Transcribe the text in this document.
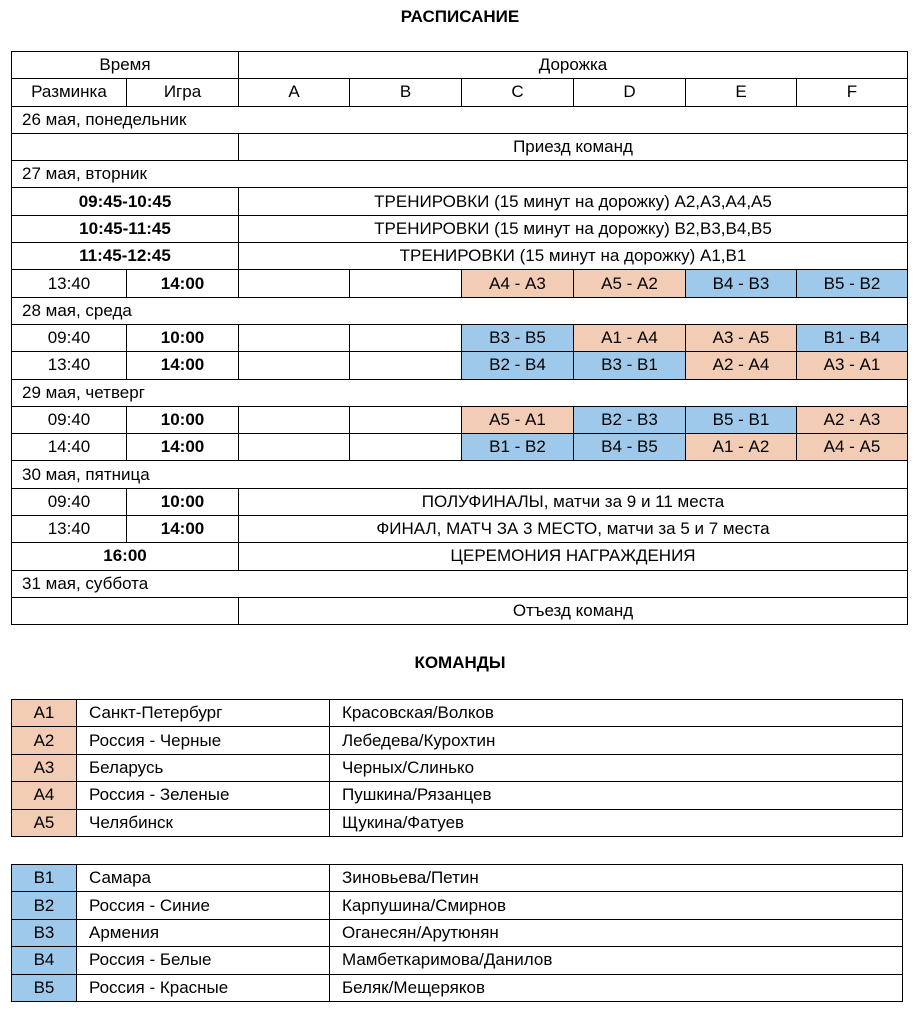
РАСПИСАНИЕ
Время		Дорожка					
Разминка	Игра	A	B	C	D	E	F
26 мая, понедельник							
		Приезд команд					
27 мая, вторник							
09:45-10:45		ТРЕНИРОВКИ (15 минут на дорожку) А2,А3,А4,А5					
10:45-11:45		ТРЕНИРОВКИ (15 минут на дорожку) В2,В3,В4,В5					
11:45-12:45		ТРЕНИРОВКИ (15 минут на дорожку) А1,В1					
13:40	14:00			А4 - А3	А5 - А2	В4 - В3	В5 - В2
28 мая, среда							
09:40	10:00			В3 - В5	А1 - А4	А3 - А5	В1 - В4
13:40	14:00			В2 - В4	В3 - В1	А2 - А4	А3 - А1
29 мая, четверг							
09:40	10:00			А5 - А1	В2 - В3	В5 - В1	А2 - А3
14:40	14:00			В1 - В2	В4 - В5	А1 - А2	А4 - А5
30 мая, пятница							
09:40	10:00	ПОЛУФИНАЛЫ, матчи за 9 и 11 места					
13:40	14:00	ФИНАЛ, МАТЧ ЗА 3 МЕСТО, матчи за 5 и 7 места					
16:00		ЦЕРЕМОНИЯ НАГРАЖДЕНИЯ					
31 мая, суббота							
		Отъезд команд					
КОМАНДЫ
А1	Санкт-Петербург	Красовская/Волков
А2	Россия - Черные	Лебедева/Курохтин
А3	Беларусь	Черных/Слинько
А4	Россия - Зеленые	Пушкина/Рязанцев
А5	Челябинск	Щукина/Фатуев
В1	Самара	Зиновьева/Петин
В2	Россия - Синие	Карпушина/Смирнов
В3	Армения	Оганесян/Арутюнян
В4	Россия - Белые	Мамбеткаримова/Данилов
В5	Россия - Красные	Беляк/Мещеряков
